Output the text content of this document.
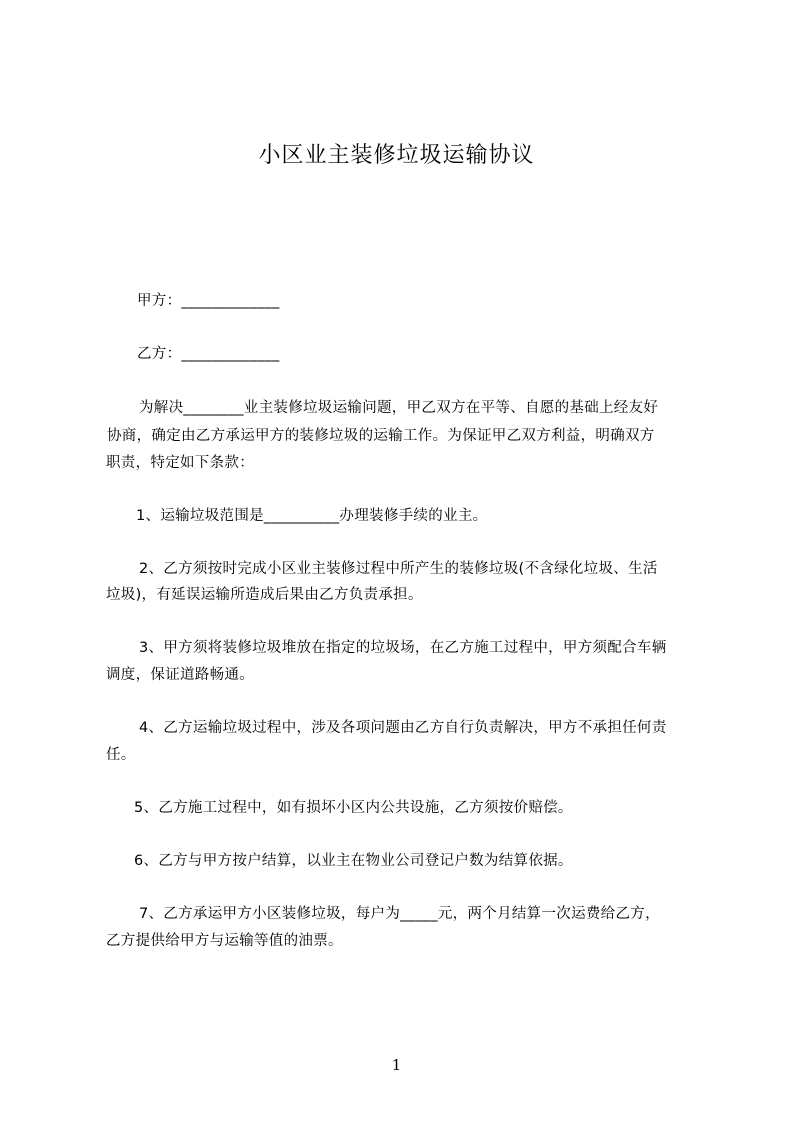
小区业主装修垃圾运输协议
甲方：_____________
乙方：_____________
为解决________业主装修垃圾运输问题，甲乙双方在平等、自愿的基础上经友好
协商，确定由乙方承运甲方的装修垃圾的运输工作。为保证甲乙双方利益，明确双方
职责，特定如下条款：
1、运输垃圾范围是__________办理装修手续的业主。
2、乙方须按时完成小区业主装修过程中所产生的装修垃圾(不含绿化垃圾、生活
垃圾)，有延误运输所造成后果由乙方负责承担。
3、甲方须将装修垃圾堆放在指定的垃圾场，在乙方施工过程中，甲方须配合车辆
调度，保证道路畅通。
4、乙方运输垃圾过程中，涉及各项问题由乙方自行负责解决，甲方不承担任何责
任。
5、乙方施工过程中，如有损坏小区内公共设施，乙方须按价赔偿。
6、乙方与甲方按户结算，以业主在物业公司登记户数为结算依据。
7、乙方承运甲方小区装修垃圾，每户为_____元，两个月结算一次运费给乙方，
乙方提供给甲方与运输等值的油票。
1
